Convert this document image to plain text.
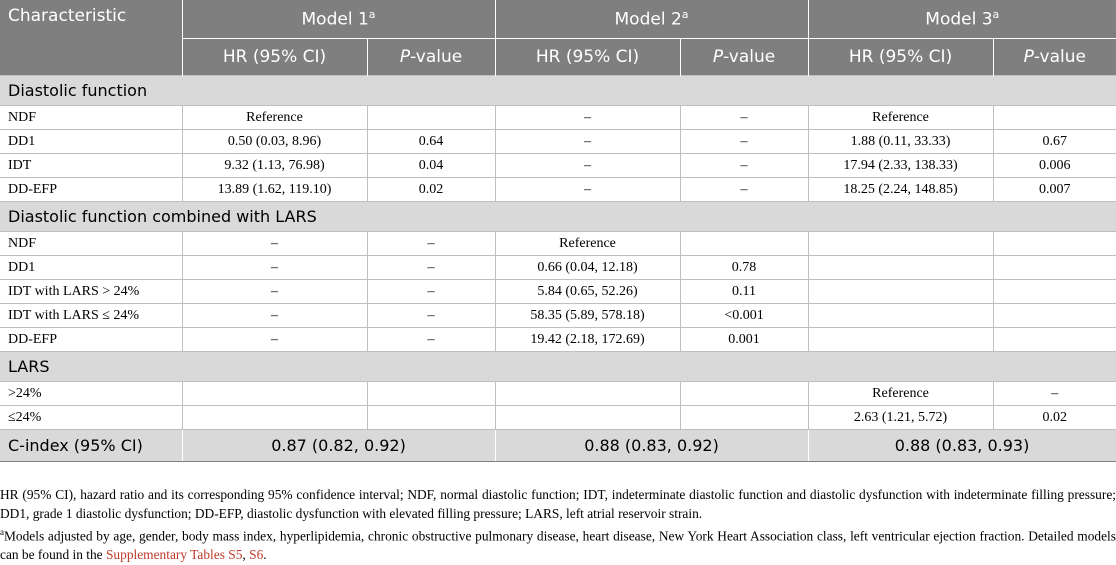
Characteristic	Model 1$^a$		Model 2$^a$		Model 3$^a$
	HR (95% CI)	P-value	HR (95% CI)	P-value	HR (95% CI)	P-value
Diastolic function						
NDF	Reference		–	–	Reference	
DD1	0.50 (0.03, 8.96)	0.64	–	–	1.88 (0.11, 33.33)	0.67
IDT	9.32 (1.13, 76.98)	0.04	–	–	17.94 (2.33, 138.33)	0.006
DD-EFP	13.89 (1.62, 119.10)	0.02	–	–	18.25 (2.24, 148.85)	0.007
Diastolic function combined with LARS						
NDF	–	–	Reference			
DD1	–	–	0.66 (0.04, 12.18)	0.78		
IDT with LARS > 24%	–	–	5.84 (0.65, 52.26)	0.11		
IDT with LARS ≤ 24%	–	–	58.35 (5.89, 578.18)	<0.001		
DD-EFP	–	–	19.42 (2.18, 172.69)	0.001		
LARS						
>24%					Reference	–
≤24%					2.63 (1.21, 5.72)	0.02
C-index (95% CI)	0.87 (0.82, 0.92)		0.88 (0.83, 0.92)		0.88 (0.83, 0.93)	

HR (95% CI), hazard ratio and its corresponding 95% confidence interval; NDF, normal diastolic function; IDT, indeterminate diastolic function and diastolic dysfunction with indeterminate filling pressure; DD1, grade 1 diastolic dysfunction; DD-EFP, diastolic dysfunction with elevated filling pressure; LARS, left atrial reservoir strain.

$^a$Models adjusted by age, gender, body mass index, hyperlipidemia, chronic obstructive pulmonary disease, heart disease, New York Heart Association class, left ventricular ejection fraction. Detailed models can be found in the Supplementary Tables S5, S6.
